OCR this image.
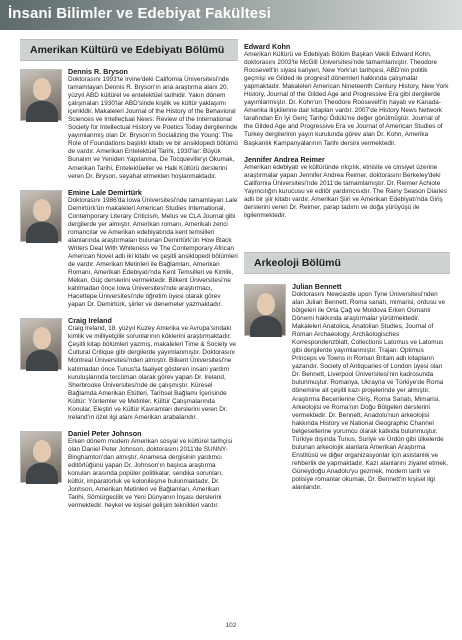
İnsani Bilimler ve Edebiyat Fakültesi
Amerikan Kültürü ve Edebiyatı Bölümü
Dennis R. Bryson
Doktorasını 1993'te Irvine'deki California Üniversitesi'nde tamamlayan Dennis R. Bryson'ın ana araştırma alanı 20. yüzyıl ABD kültürel ve entelektüel tarihidir. Yakın dönem çalışmaları 1930'lar ABD'sinde kişilik ve kültür yaklaşımı içerikldir. Makaleleri Journal of the History of the Behavioral Sciences ve Intellectual News: Review of the International Society for Intellectual History ve Poetics Today dergilerinde yayımlanmış olan Dr. Bryson'ın Socializing the Young: The Role of Foundations başlıklı kitabı ve bir ansiklopedi bölümü de vardır. Amerikan Entelektüel Tarihi, 1930'lar: Büyük Bunalım ve Yeniden Yapılanma, De Tocqueville'yi Okumak, Amerikan Tarihi, Entelektüeller ve Halk Kültürü derslerini veren Dr. Bryson, seyahat etmekten hoşlanmaktadır.
Emine Lale Demirtürk
Doktorasını 1986'da Iowa Üniversitesi'nde tamamlayan Lale Demirtürk'ün makaleleri American Studies International, Contemporary Literary Criticism, Melus ve CLA Journal gibi dergilerde yer almıştır. Amerikan romanı, Amerikalı zenci romancılar ve Amerikan edebiyatında kent temsilleri alanlarında araştırmaları bulunan Demirtürk'ün How Black Writers Deal With Whiteness ve The Contemporary African American Novel adlı iki kitabı ve çeşitli ansiklopedi bölümleri de vardır. Amerikan Metinleri ile Bağlamları, Amerikan Romanı, Amerikan Edebiyatı'nda Kent Temsilleri ve Kimlik, Mekan, Güç derslerini vermektedir. Bilkent Üniversitesi'ne katılmadan önce Iowa Üniversitesi'nde araştırmacı, Hacettepe Üniversitesi'nde öğretim üyesi olarak görev yapan Dr. Demirtürk, şiirler ve denemeler yazmaktadır.
Craig Ireland
Craig Ireland, 18. yüzyıl Kuzey Amerika ve Avrupa'sındaki kimlik ve milliyetçilik sorunlarının köklerini araştırmaktadır. Çeşitli kitap bölümleri yazmış, makaleleri Time & Society ve Cultural Critique gibi dergilerde yayımlanmıştır. Doktorasını Montreal Üniversitesi'nden almıştır. Bilkent Üniversitesi'ne katılmadan önce Tunus'ta faaliyet gösteren insani yardım kuruluşlarında tercüman olarak görev yapan Dr. Ireland, Sherbrooke Üniversitesi'nde de çalışmıştır. Küresel Bağlamda Amerikan Etütleri, Tarihsel Bağlamı İçerisinde Kültür: Yöntemler ve Metinler, Kültür Çalışmalarında Konular, Eleştiri ve Kültür Kavramları derslerini veren Dr. Ireland'ın özel ilgi alanı Amerikan arabalarıdır.
Daniel Peter Johnson
Erken dönem modern Amerikan sosyal ve kültürel tarihçisi olan Daniel Peter Johnson, doktorasını 2011'de SUNNY-Binghamton'dan almıştır. Anamesa dergisinin yardımcı editörlüğünü yapan Dr. Johnson'ın başlıca araştırma konuları arasında popüler politikalar, sendika sorunları, kültür, imparatorluk ve kolonileşme bulunmaktadır. Dr. Jonhson, Amerikan Metinleri ve Bağlamları, Amerikan Tarihi, Sömürgecilik ve Yeni Dünyanın İnşası derslerini vermektedir. heykel ve kişisel gelişim teknikleri vardır.
Edward Kohn
Amerikan Kültürü ve Edebiyatı Bölüm Başkan Vekili Edward Kohn, doktorasını 2003'te McGill Üniversitesi'nde tamamlamıştır. Theodore Roosevelt'in siyasi kariyeri, New York'un tarihçesi, ABD'nin politik geçmişi ve Gilded ile progresif dönemleri hakkında çalışmalar yapmaktadır. Makaleleri American Nineteenth Century History, New York History, Journal of the Gilded Age and Progressive Era gibi dergilerde yayımlanmıştır. Dr. Kohn'un Theodore Roosevelt'in hayatı ve Kanada-Amerika ilişkilerine dair kitapları vardır. 2007'de History News Network tarafından En İyi Genç Tarihçi Ödülü'ne değer görülmüştür. Journal of the Gilded Age and Progressive Era ve Journal of American Studies of Turkey dergilerinin yayın kurulunda görev alan Dr. Kohn, Amerika Başkanlık Kampanyalarının Tarihi dersini vermektedir.
Jennifer Andrea Reimer
Amerikan edebiyatı ve kültüründe ırkçılık, etnisite ve cinsiyet üzerine araştırmalar yapan Jennifer Andrea Reimer, doktorasını Berkeley'deki California Üniversitesi'nde 2011'de tamamlamıştır. Dr. Reimer Achiote Yayıncılığın kurucusu ve editör yardımcısıdır. The Rainy Season Diaries adlı bir şiir kitabı vardır. Amerikan Şiiri ve Amerikan Edebiyatı'nda Giriş derslerini veren Dr. Reimer, parap tadımı ve doğa yürüyüşü ile ilgilenmektedir.
Arkeoloji Bölümü
Julian Bennett
Doktorasını Newcastle upon Tyne Üniversitesi'nden alan Julian Bennett, Roma sanatı, mimarisi, ordusu ve bölgeleri ile Orta Çağ ve Moldova Erken Osmanlı Dönemi hakkında araştırmalar yürütmektedir. Makaleleri Anatolica, Anatolian Studies, Journal of Roman Archaeology, Archäologisches Korrespondenzblatt, Collections Latomus ve Latomus gibi dergilerde yayımlanmıştır. Trajan: Optimus Princeps ve Towns in Roman Britain adlı kitapların yazarıdır. Society of Antiquaries of London üyesi olan Dr. Bennett, Liverpool Üniversitesi'nin kadrosunda bulunmuştur. Romanya, Ukrayna ve Türkiye'de Roma dönemine ait çeşitli kazı projelerinde yer almıştır. Araştırma Becerilerine Giriş, Roma Sanatı, Mimarisi, Arkeolojisi ve Roma'nın Doğu Bölgeleri derslerini vermektedir. Dr. Bennett, Anadolu'nun arkeolojisi hakkında History ve National Geographic Channel belgesellerine yorumcu olarak katkıda bulunmuştur. Türkiye dışında Tunus, Suriye ve Ürdün gibi ülkelerde bulunan arkeolojik alanlara Amerikan Araştırma Enstitüsü ve diğer organizasyonlar için asistanlık ve rehberlik de yapmaktadır. Kazı alanlarını ziyaret etmek, Güneydoğu Anadolu'yu gezmek, modern tarih ve polisiye romanlar okumak, Dr. Bennett'in kişisel ilgi alanlarıdır.
102
